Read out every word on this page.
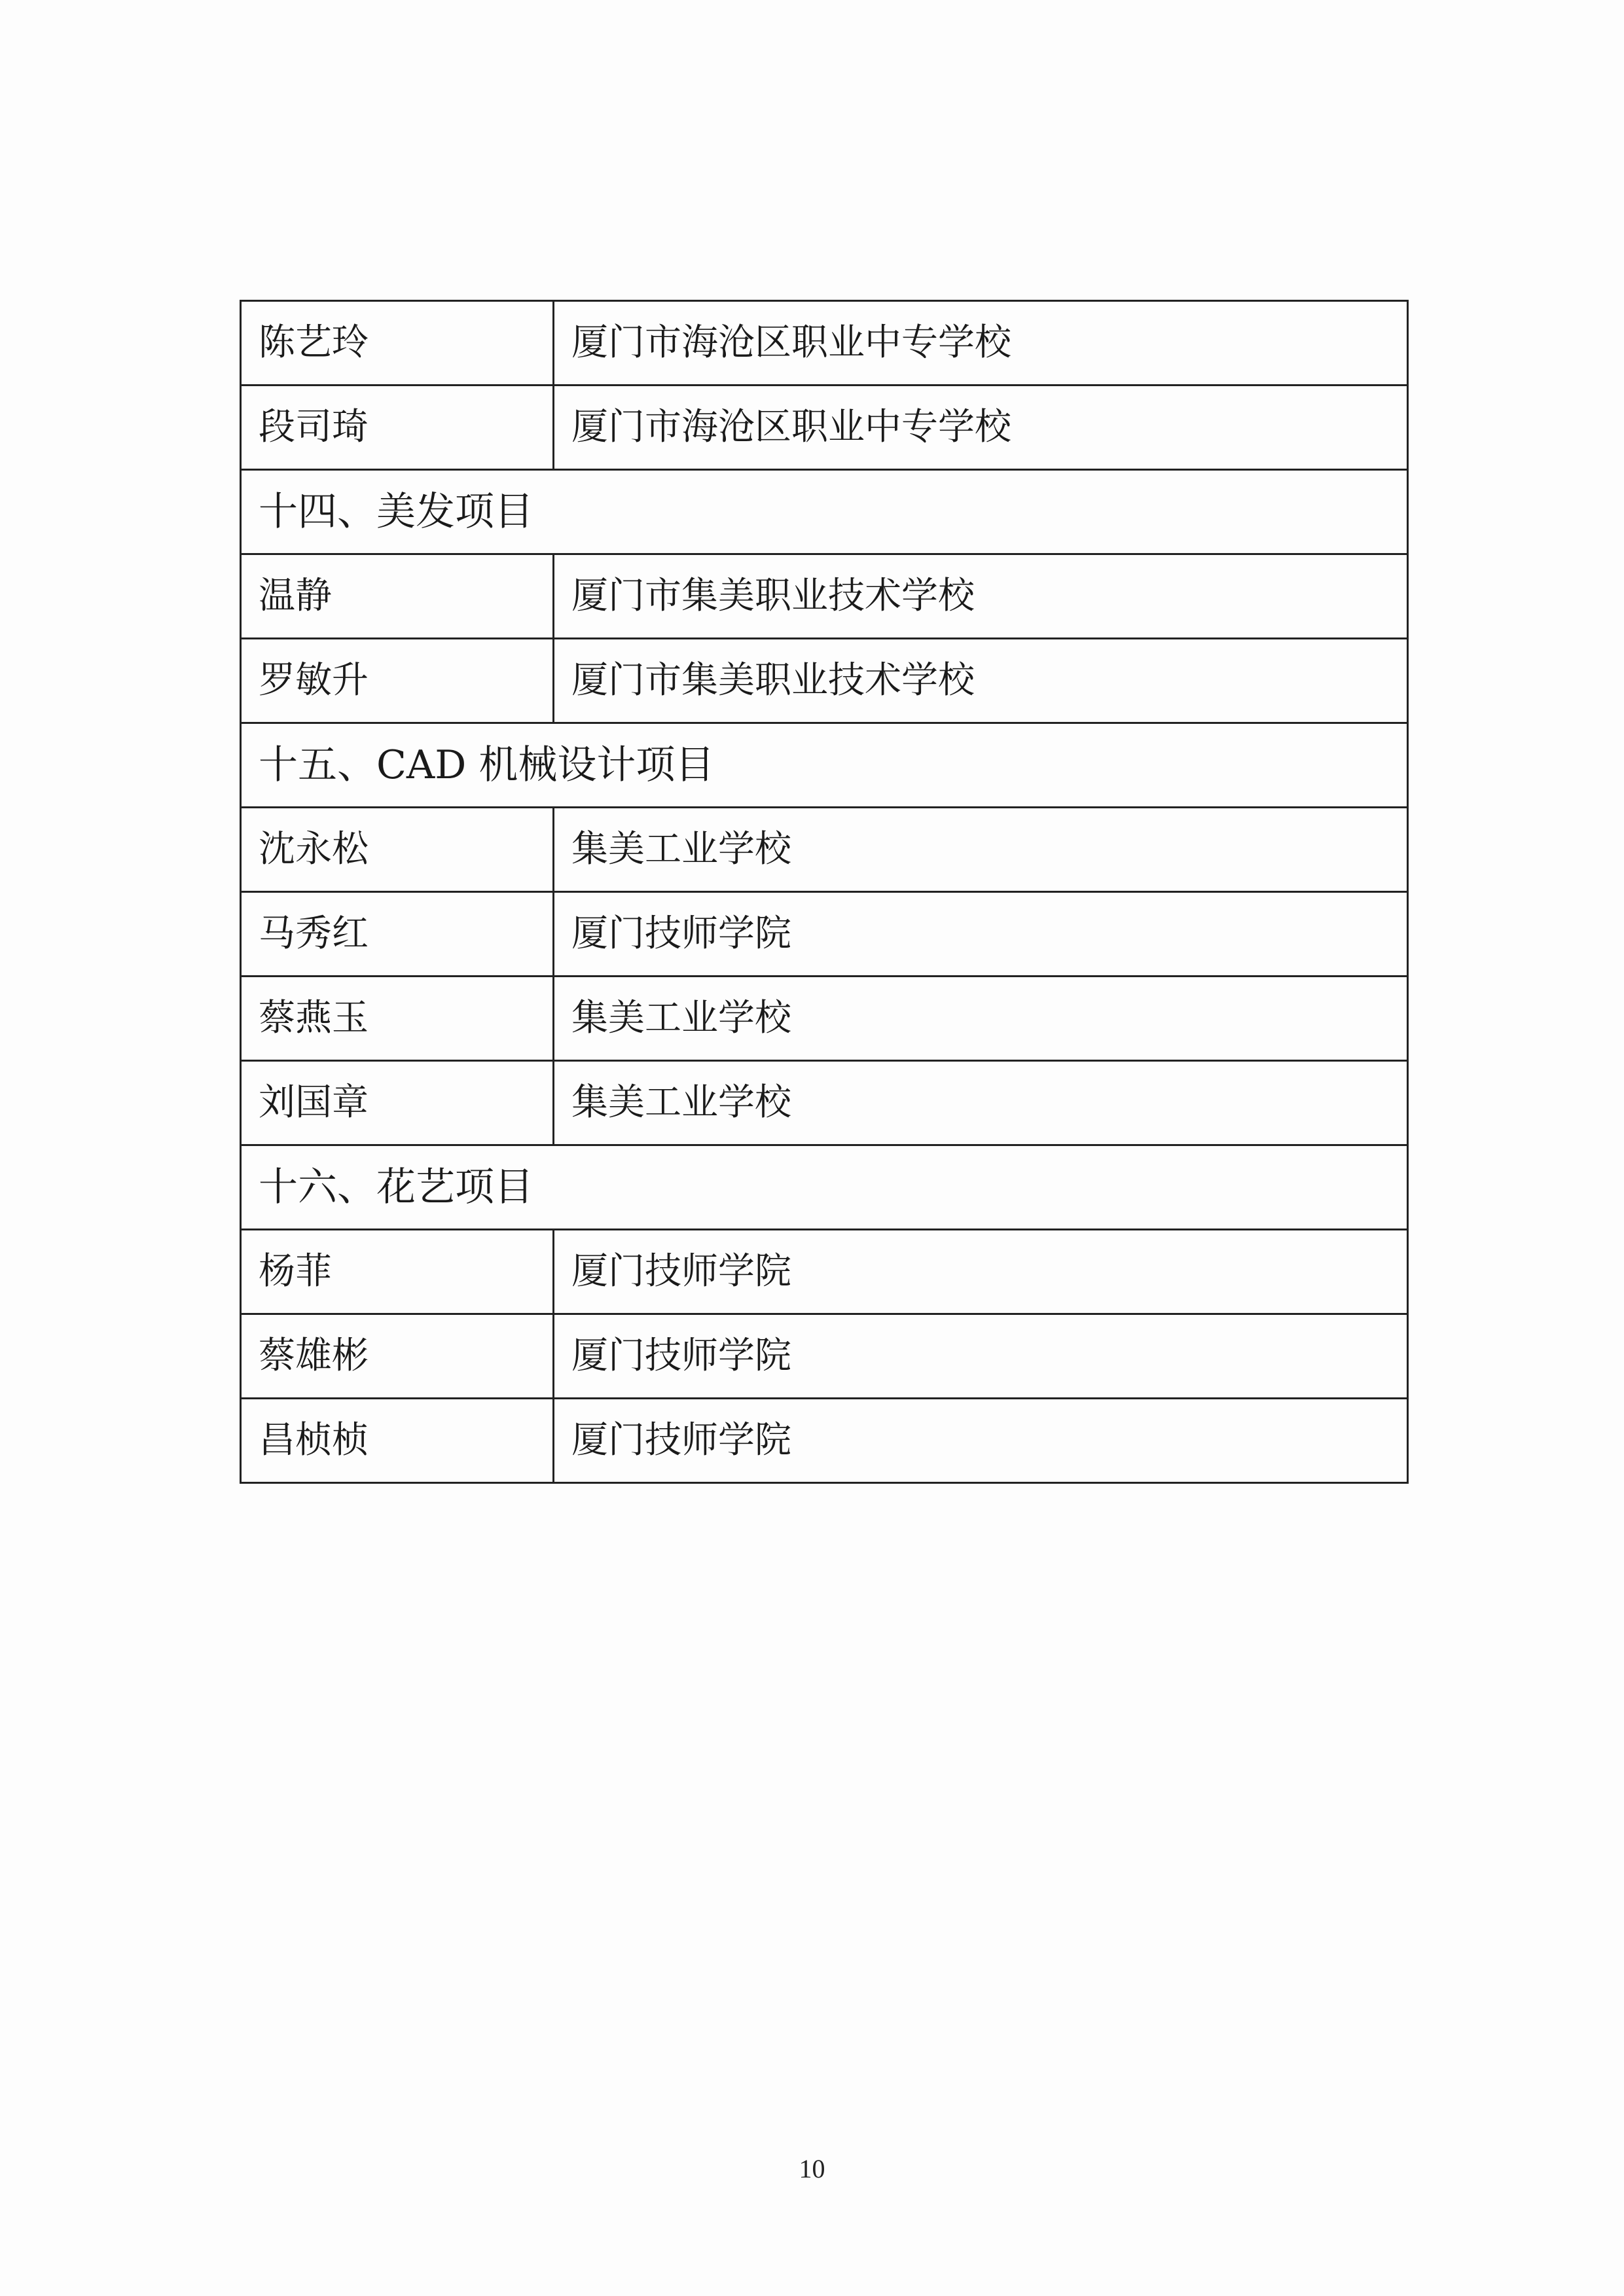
陈艺玲	厦门市海沧区职业中专学校
段司琦	厦门市海沧区职业中专学校
十四、美发项目	
温静	厦门市集美职业技术学校
罗敏升	厦门市集美职业技术学校
十五、CAD 机械设计项目	
沈永松	集美工业学校
马秀红	厦门技师学院
蔡燕玉	集美工业学校
刘国章	集美工业学校
十六、花艺项目	
杨菲	厦门技师学院
蔡雄彬	厦门技师学院
昌桢桢	厦门技师学院
10
